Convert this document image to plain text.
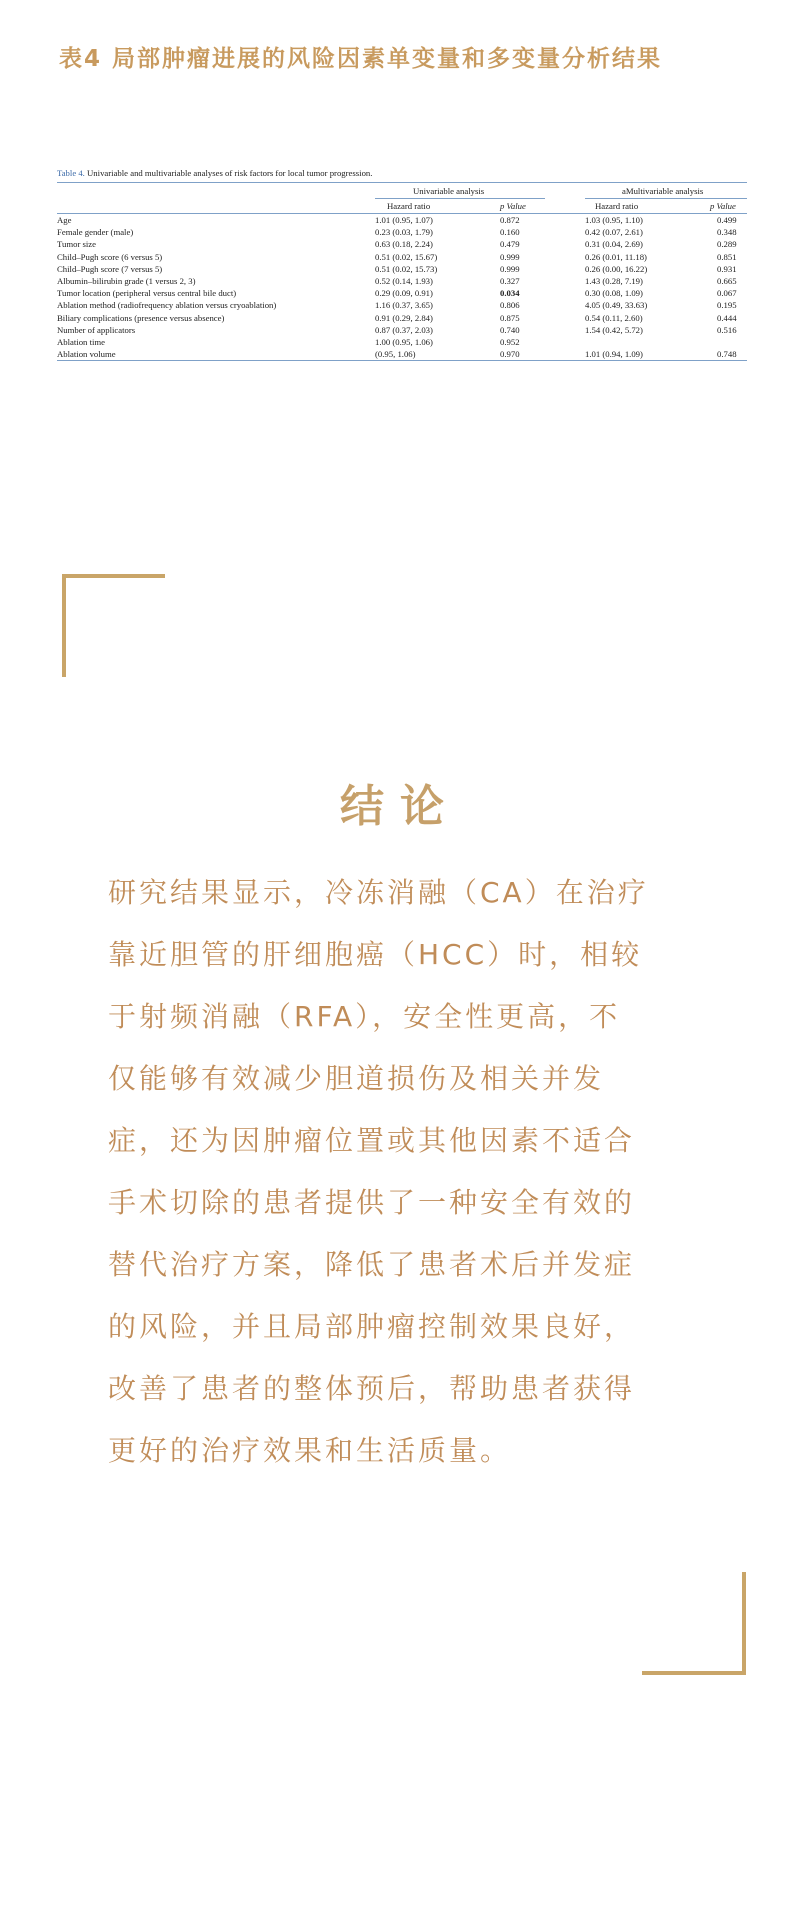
表4 局部肿瘤进展的风险因素单变量和多变量分析结果
Table 4. Univariable and multivariable analyses of risk factors for local tumor progression.
Univariable analysis	aMultivariable analysis
Hazard ratio	p Value	Hazard ratio	p Value
Age	1.01 (0.95, 1.07)	0.872	1.03 (0.95, 1.10)	0.499
Female gender (male)	0.23 (0.03, 1.79)	0.160	0.42 (0.07, 2.61)	0.348
Tumor size	0.63 (0.18, 2.24)	0.479	0.31 (0.04, 2.69)	0.289
Child–Pugh score (6 versus 5)	0.51 (0.02, 15.67)	0.999	0.26 (0.01, 11.18)	0.851
Child–Pugh score (7 versus 5)	0.51 (0.02, 15.73)	0.999	0.26 (0.00, 16.22)	0.931
Albumin–bilirubin grade (1 versus 2, 3)	0.52 (0.14, 1.93)	0.327	1.43 (0.28, 7.19)	0.665
Tumor location (peripheral versus central bile duct)	0.29 (0.09, 0.91)	0.034	0.30 (0.08, 1.09)	0.067
Ablation method (radiofrequency ablation versus cryoablation)	1.16 (0.37, 3.65)	0.806	4.05 (0.49, 33.63)	0.195
Biliary complications (presence versus absence)	0.91 (0.29, 2.84)	0.875	0.54 (0.11, 2.60)	0.444
Number of applicators	0.87 (0.37, 2.03)	0.740	1.54 (0.42, 5.72)	0.516
Ablation time	1.00 (0.95, 1.06)	0.952
Ablation volume	(0.95, 1.06)	0.970	1.01 (0.94, 1.09)	0.748
结论
研究结果显示，冷冻消融（CA）在治疗
靠近胆管的肝细胞癌（HCC）时，相较
于射频消融（RFA），安全性更高，不
仅能够有效减少胆道损伤及相关并发
症，还为因肿瘤位置或其他因素不适合
手术切除的患者提供了一种安全有效的
替代治疗方案，降低了患者术后并发症
的风险，并且局部肿瘤控制效果良好，
改善了患者的整体预后，帮助患者获得
更好的治疗效果和生活质量。
